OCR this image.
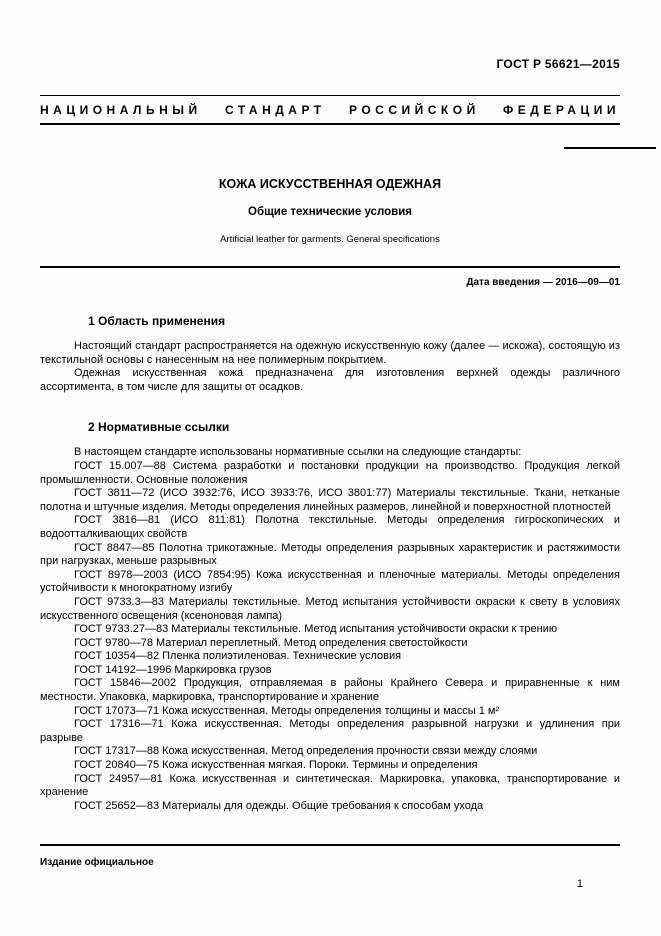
ГОСТ Р 56621—2015
НАЦИОНАЛЬНЫЙ СТАНДАРТ РОССИЙСКОЙ ФЕДЕРАЦИИ
КОЖА ИСКУССТВЕННАЯ ОДЕЖНАЯ
Общие технические условия
Artificial leather for garments. General specifications
Дата введения — 2016—09—01
1 Область применения

Настоящий стандарт распространяется на одежную искусственную кожу (далее — искожа), состоящую из текстильной основы с нанесенным на нее полимерным покрытием.

Одежная искусственная кожа предназначена для изготовления верхней одежды различного ассортимента, в том числе для защиты от осадков.

2 Нормативные ссылки

В настоящем стандарте использованы нормативные ссылки на следующие стандарты:

ГОСТ 15.007—88 Система разработки и постановки продукции на производство. Продукция легкой промышленности. Основные положения

ГОСТ 3811—72 (ИСО 3932:76, ИСО 3933:76, ИСО 3801:77) Материалы текстильные. Ткани, нетканые полотна и штучные изделия. Методы определения линейных размеров, линейной и поверхностной плотностей

ГОСТ 3816—81 (ИСО 811:81) Полотна текстильные. Методы определения гигроскопических и водоотталкивающих свойств

ГОСТ 8847—85 Полотна трикотажные. Методы определения разрывных характеристик и растяжимости при нагрузках, меньше разрывных

ГОСТ 8978—2003 (ИСО 7854:95) Кожа искусственная и пленочные материалы. Методы определения устойчивости к многократному изгибу

ГОСТ 9733.3—83 Материалы текстильные. Метод испытания устойчивости окраски к свету в условиях искусственного освещения (ксеноновая лампа)

ГОСТ 9733.27—83 Материалы текстильные. Метод испытания устойчивости окраски к трению

ГОСТ 9780—78 Материал переплетный. Метод определения светостойкости

ГОСТ 10354—82 Пленка полиэтиленовая. Технические условия

ГОСТ 14192—1996 Маркировка грузов

ГОСТ 15846—2002 Продукция, отправляемая в районы Крайнего Севера и приравненные к ним местности. Упаковка, маркировка, транспортирование и хранение

ГОСТ 17073—71 Кожа искусственная. Методы определения толщины и массы 1 м²

ГОСТ 17316—71 Кожа искусственная. Методы определения разрывной нагрузки и удлинения при разрыве

ГОСТ 17317—88 Кожа искусственная. Метод определения прочности связи между слоями

ГОСТ 20840—75 Кожа искусственная мягкая. Пороки. Термины и определения

ГОСТ 24957—81 Кожа искусственная и синтетическая. Маркировка, упаковка, транспортирование и хранение

ГОСТ 25652—83 Материалы для одежды. Общие требования к способам ухода

Издание официальное
1
